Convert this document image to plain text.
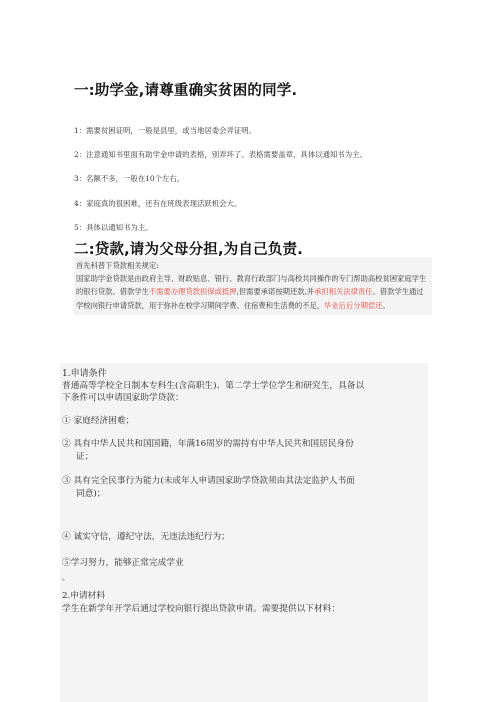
一:助学金,请尊重确实贫困的同学.
1：需要贫困证明，一般是县里，或当地居委会弄证明。
2：注意通知书里面有助学金申请的表格，别弄坏了。表格需要盖章，具体以通知书为主。
3：名额不多，一般在10个左右，
4：家庭真的很困难，还有在班级表现活跃机会大。
5：具体以通知书为主。

首先科普下贷款相关规定:

国家助学金贷款是由政府主导、财政贴息、银行、教育行政部门与高校共同操作的专门帮助高校贫困家庭学生的银行贷款。借款学生不需要办理贷款担保或抵押,但需要承诺按期还款,并承担相关法律责任。借款学生通过学校向银行申请贷款，用于弥补在校学习期间学费、住宿费和生活费的不足，毕业后后分期偿还。

1.申请条件
普通高等学校全日制本专科生(含高职生)、第二学士学位学生和研究生，具备以
下条件可以申请国家助学贷款：
① 家庭经济困难；
② 具有中华人民共和国国籍，年满16周岁的需持有中华人民共和国居民身份
证；
③ 具有完全民事行为能力(未成年人申请国家助学贷款须由其法定监护人书面
同意)；
④ 诚实守信，遵纪守法，无违法违纪行为；
⑤学习努力，能够正常完成学业
。
2.申请材料
学生在新学年开学后通过学校向银行提出贷款申请。需要提供以下材料：
二:贷款,请为父母分担,为自己负责.
